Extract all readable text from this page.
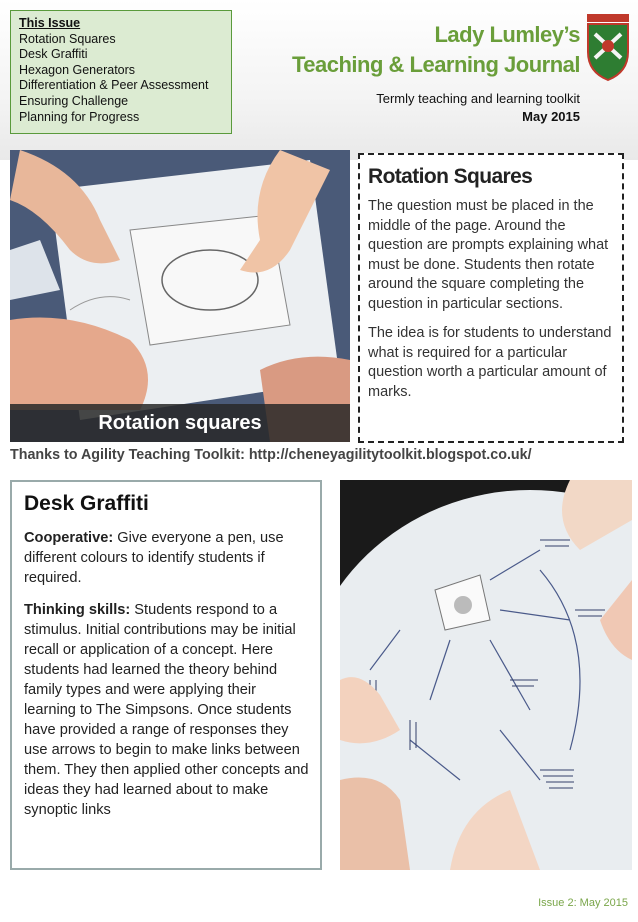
This Issue
Rotation Squares
Desk Graffiti
Hexagon Generators
Differentiation & Peer Assessment
Ensuring Challenge
Planning for Progress
Lady Lumley’s
Teaching & Learning Journal
Termly teaching and learning toolkit
May 2015
Rotation squares
Rotation Squares

The question must be placed in the middle of the page. Around the question are prompts explaining what must be done. Students then rotate around the square completing the question in particular sections.

The idea is for students to understand what is required for a particular question worth a particular amount of marks.

Thanks to Agility Teaching Toolkit: http://cheneyagilitytoolkit.blogspot.co.uk/
Desk Graffiti

Cooperative: Give everyone a pen, use different colours to identify students if required.

Thinking skills: Students respond to a stimulus. Initial contributions may be initial recall or application of a concept. Here students had learned the theory behind family types and were applying their learning to The Simpsons. Once students have provided a range of responses they use arrows to begin to make links between them. They then applied other concepts and ideas they had learned about to make synoptic links

Issue 2: May 2015
